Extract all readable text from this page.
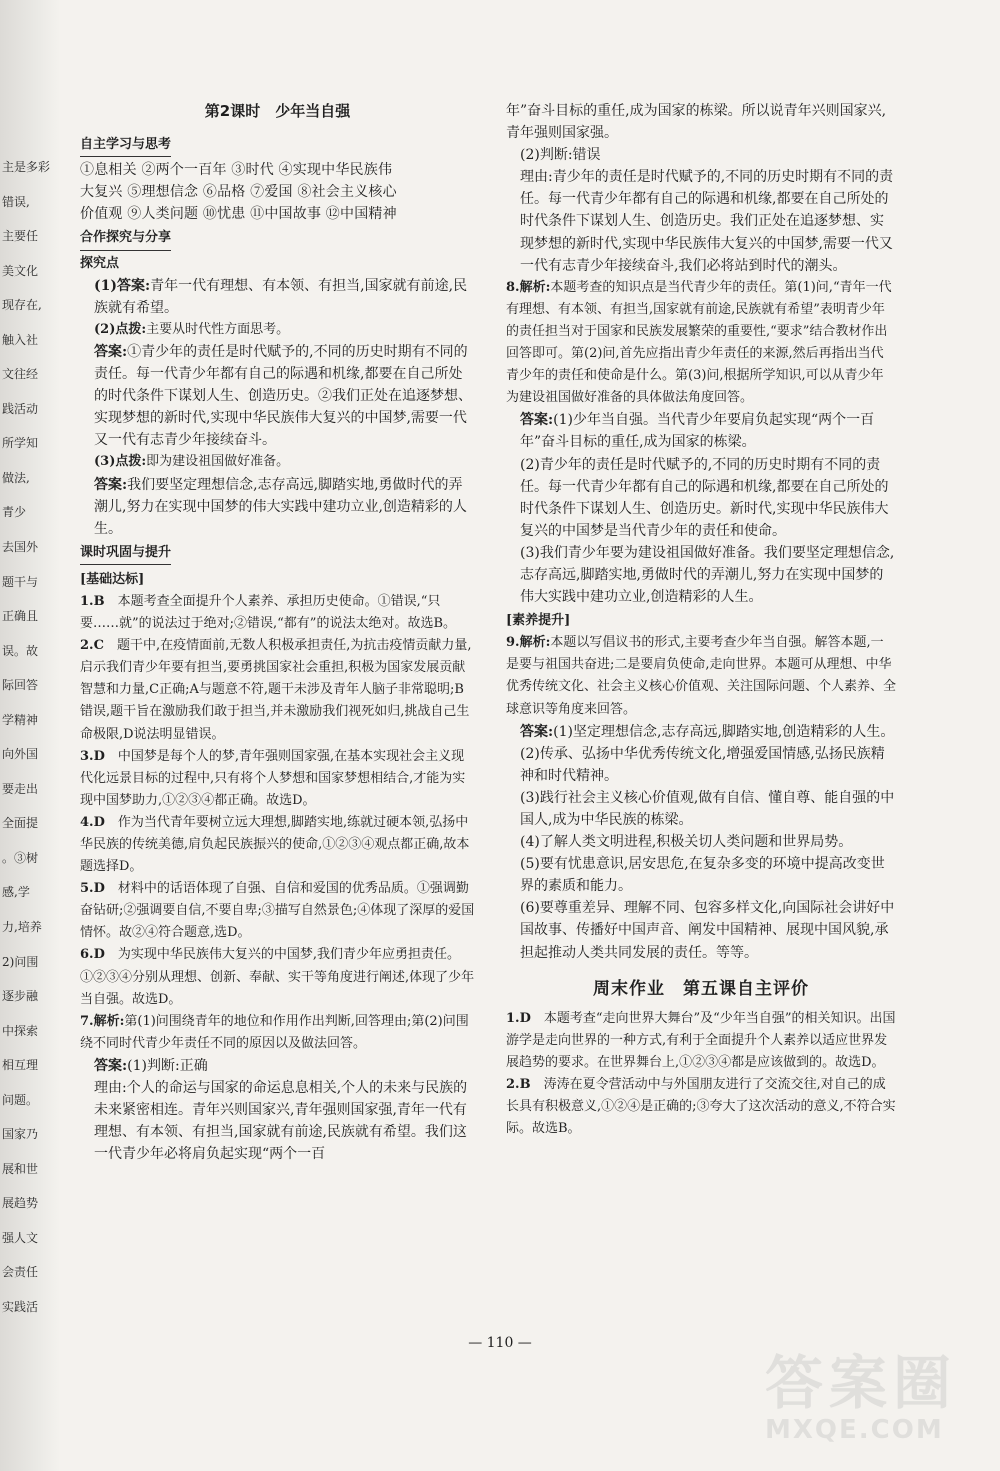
主是多彩
错误,
主要任
美文化
现存在,
触入社
文往经
践活动
所学知
做法,
青少
去国外
题干与
正确且
误。故
际回答
学精神
向外国
要走出
全面提
。③树
感,学
力,培养
2)问围
逐步融
中探索
相互理
问题。
国家乃
展和世
展趋势
强人文
会责任
实践活

第2课时　少年当自强

自主学习与思考

①息相关 ②两个一百年 ③时代 ④实现中华民族伟

大复兴 ⑤理想信念 ⑥品格 ⑦爱国 ⑧社会主义核心

价值观 ⑨人类问题 ⑩忧患 ⑪中国故事 ⑫中国精神

合作探究与分享

探究点

(1)答案:青年一代有理想、有本领、有担当,国家就有前途,民族就有希望。

(2)点拨:主要从时代性方面思考。

答案:①青少年的责任是时代赋予的,不同的历史时期有不同的责任。每一代青少年都有自己的际遇和机缘,都要在自己所处的时代条件下谋划人生、创造历史。②我们正处在追逐梦想、实现梦想的新时代,实现中华民族伟大复兴的中国梦,需要一代又一代有志青少年接续奋斗。

(3)点拨:即为建设祖国做好准备。

答案:我们要坚定理想信念,志存高远,脚踏实地,勇做时代的弄潮儿,努力在实现中国梦的伟大实践中建功立业,创造精彩的人生。

课时巩固与提升

[基础达标]

1.B　 本题考查全面提升个人素养、承担历史使命。①错误,“只要……就”的说法过于绝对;②错误,“都有”的说法太绝对。故选B。

2.C　 题干中,在疫情面前,无数人积极承担责任,为抗击疫情贡献力量,启示我们青少年要有担当,要勇挑国家社会重担,积极为国家发展贡献智慧和力量,C正确;A与题意不符,题干未涉及青年人脑子非常聪明;B错误,题干旨在激励我们敢于担当,并未激励我们视死如归,挑战自己生命极限,D说法明显错误。

3.D　 中国梦是每个人的梦,青年强则国家强,在基本实现社会主义现代化远景目标的过程中,只有将个人梦想和国家梦想相结合,才能为实现中国梦助力,①②③④都正确。故选D。

4.D　 作为当代青年要树立远大理想,脚踏实地,练就过硬本领,弘扬中华民族的传统美德,肩负起民族振兴的使命,①②③④观点都正确,故本题选择D。

5.D　 材料中的话语体现了自强、自信和爱国的优秀品质。①强调勤奋钻研;②强调要自信,不要自卑;③描写自然景色;④体现了深厚的爱国情怀。故②④符合题意,选D。

6.D　 为实现中华民族伟大复兴的中国梦,我们青少年应勇担责任。①②③④分别从理想、创新、奉献、实干等角度进行阐述,体现了少年当自强。故选D。

7.解析:第(1)问围绕青年的地位和作用作出判断,回答理由;第(2)问围绕不同时代青少年责任不同的原因以及做法回答。

答案:(1)判断:正确

理由:个人的命运与国家的命运息息相关,个人的未来与民族的未来紧密相连。青年兴则国家兴,青年强则国家强,青年一代有理想、有本领、有担当,国家就有前途,民族就有希望。我们这一代青少年必将肩负起实现“两个一百

年”奋斗目标的重任,成为国家的栋梁。所以说青年兴则国家兴,青年强则国家强。

(2)判断:错误

理由:青少年的责任是时代赋予的,不同的历史时期有不同的责任。每一代青少年都有自己的际遇和机缘,都要在自己所处的时代条件下谋划人生、创造历史。我们正处在追逐梦想、实现梦想的新时代,实现中华民族伟大复兴的中国梦,需要一代又一代有志青少年接续奋斗,我们必将站到时代的潮头。

8.解析:本题考查的知识点是当代青少年的责任。第(1)问,“青年一代有理想、有本领、有担当,国家就有前途,民族就有希望”表明青少年的责任担当对于国家和民族发展繁荣的重要性,“要求”结合教材作出回答即可。第(2)问,首先应指出青少年责任的来源,然后再指出当代青少年的责任和使命是什么。第(3)问,根据所学知识,可以从青少年为建设祖国做好准备的具体做法角度回答。

答案:(1)少年当自强。当代青少年要肩负起实现“两个一百年”奋斗目标的重任,成为国家的栋梁。

(2)青少年的责任是时代赋予的,不同的历史时期有不同的责任。每一代青少年都有自己的际遇和机缘,都要在自己所处的时代条件下谋划人生、创造历史。新时代,实现中华民族伟大复兴的中国梦是当代青少年的责任和使命。

(3)我们青少年要为建设祖国做好准备。我们要坚定理想信念,志存高远,脚踏实地,勇做时代的弄潮儿,努力在实现中国梦的伟大实践中建功立业,创造精彩的人生。

[素养提升]

9.解析:本题以写倡议书的形式,主要考查少年当自强。解答本题,一是要与祖国共奋进;二是要肩负使命,走向世界。本题可从理想、中华优秀传统文化、社会主义核心价值观、关注国际问题、个人素养、全球意识等角度来回答。

答案:(1)坚定理想信念,志存高远,脚踏实地,创造精彩的人生。

(2)传承、弘扬中华优秀传统文化,增强爱国情感,弘扬民族精神和时代精神。

(3)践行社会主义核心价值观,做有自信、懂自尊、能自强的中国人,成为中华民族的栋梁。

(4)了解人类文明进程,积极关切人类问题和世界局势。

(5)要有忧患意识,居安思危,在复杂多变的环境中提高改变世界的素质和能力。

(6)要尊重差异、理解不同、包容多样文化,向国际社会讲好中国故事、传播好中国声音、阐发中国精神、展现中国风貌,承担起推动人类共同发展的责任。等等。

周末作业　第五课自主评价

1.D　 本题考查“走向世界大舞台”及“少年当自强”的相关知识。出国游学是走向世界的一种方式,有利于全面提升个人素养以适应世界发展趋势的要求。在世界舞台上,①②③④都是应该做到的。故选D。

2.B　 涛涛在夏令营活动中与外国朋友进行了交流交往,对自己的成长具有积极意义,①②④是正确的;③夸大了这次活动的意义,不符合实际。故选B。

— 110 —
答案圈
MXQE.COM
